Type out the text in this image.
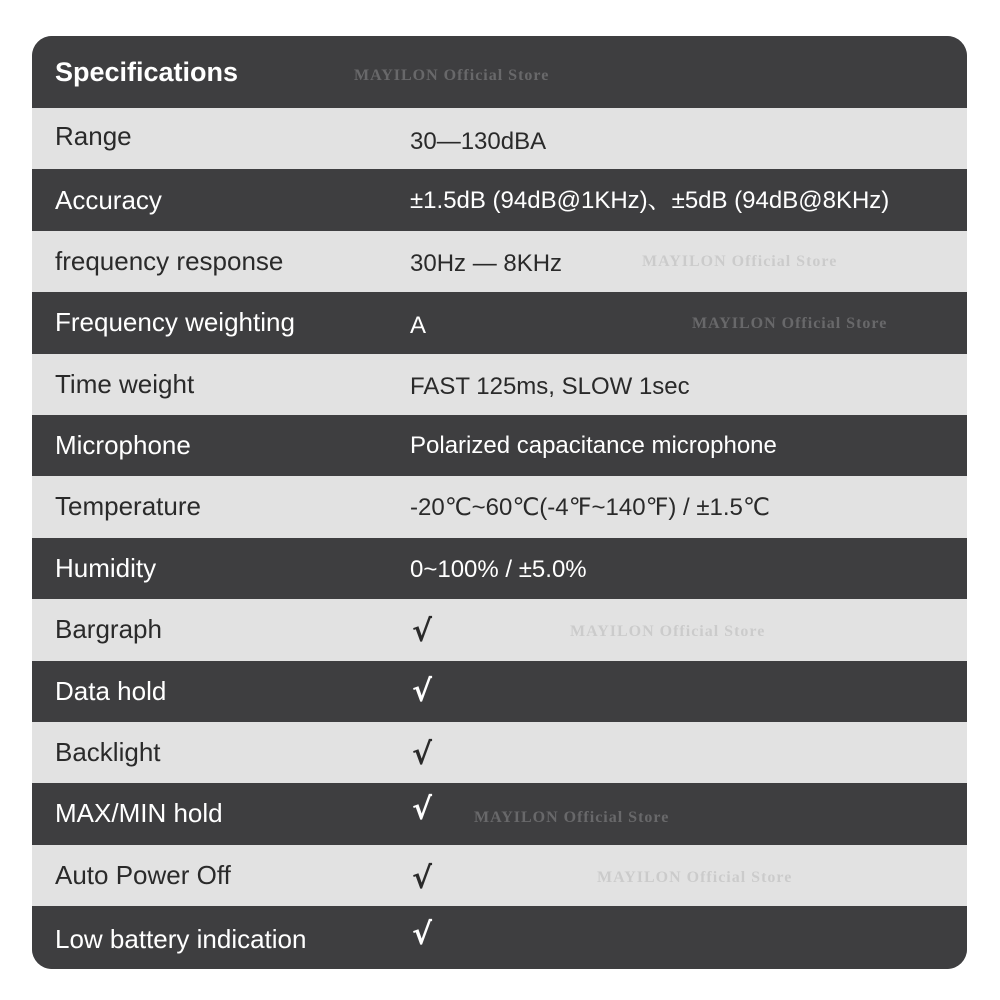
Specifications	MAYILON Official Store
Range	30—130dBA
Accuracy	±1.5dB (94dB@1KHz)、±5dB (94dB@8KHz)
frequency response	30Hz — 8KHz	MAYILON Official Store
Frequency weighting	A	MAYILON Official Store
Time weight	FAST 125ms, SLOW 1sec
Microphone	Polarized capacitance microphone
Temperature	-20℃~60℃(-4℉~140℉) / ±1.5℃
Humidity	0~100% / ±5.0%
Bargraph	√	MAYILON Official Store
Data hold	√
Backlight	√
MAX/MIN hold	√	MAYILON Official Store
Auto Power Off	√	MAYILON Official Store
Low battery indication	√
